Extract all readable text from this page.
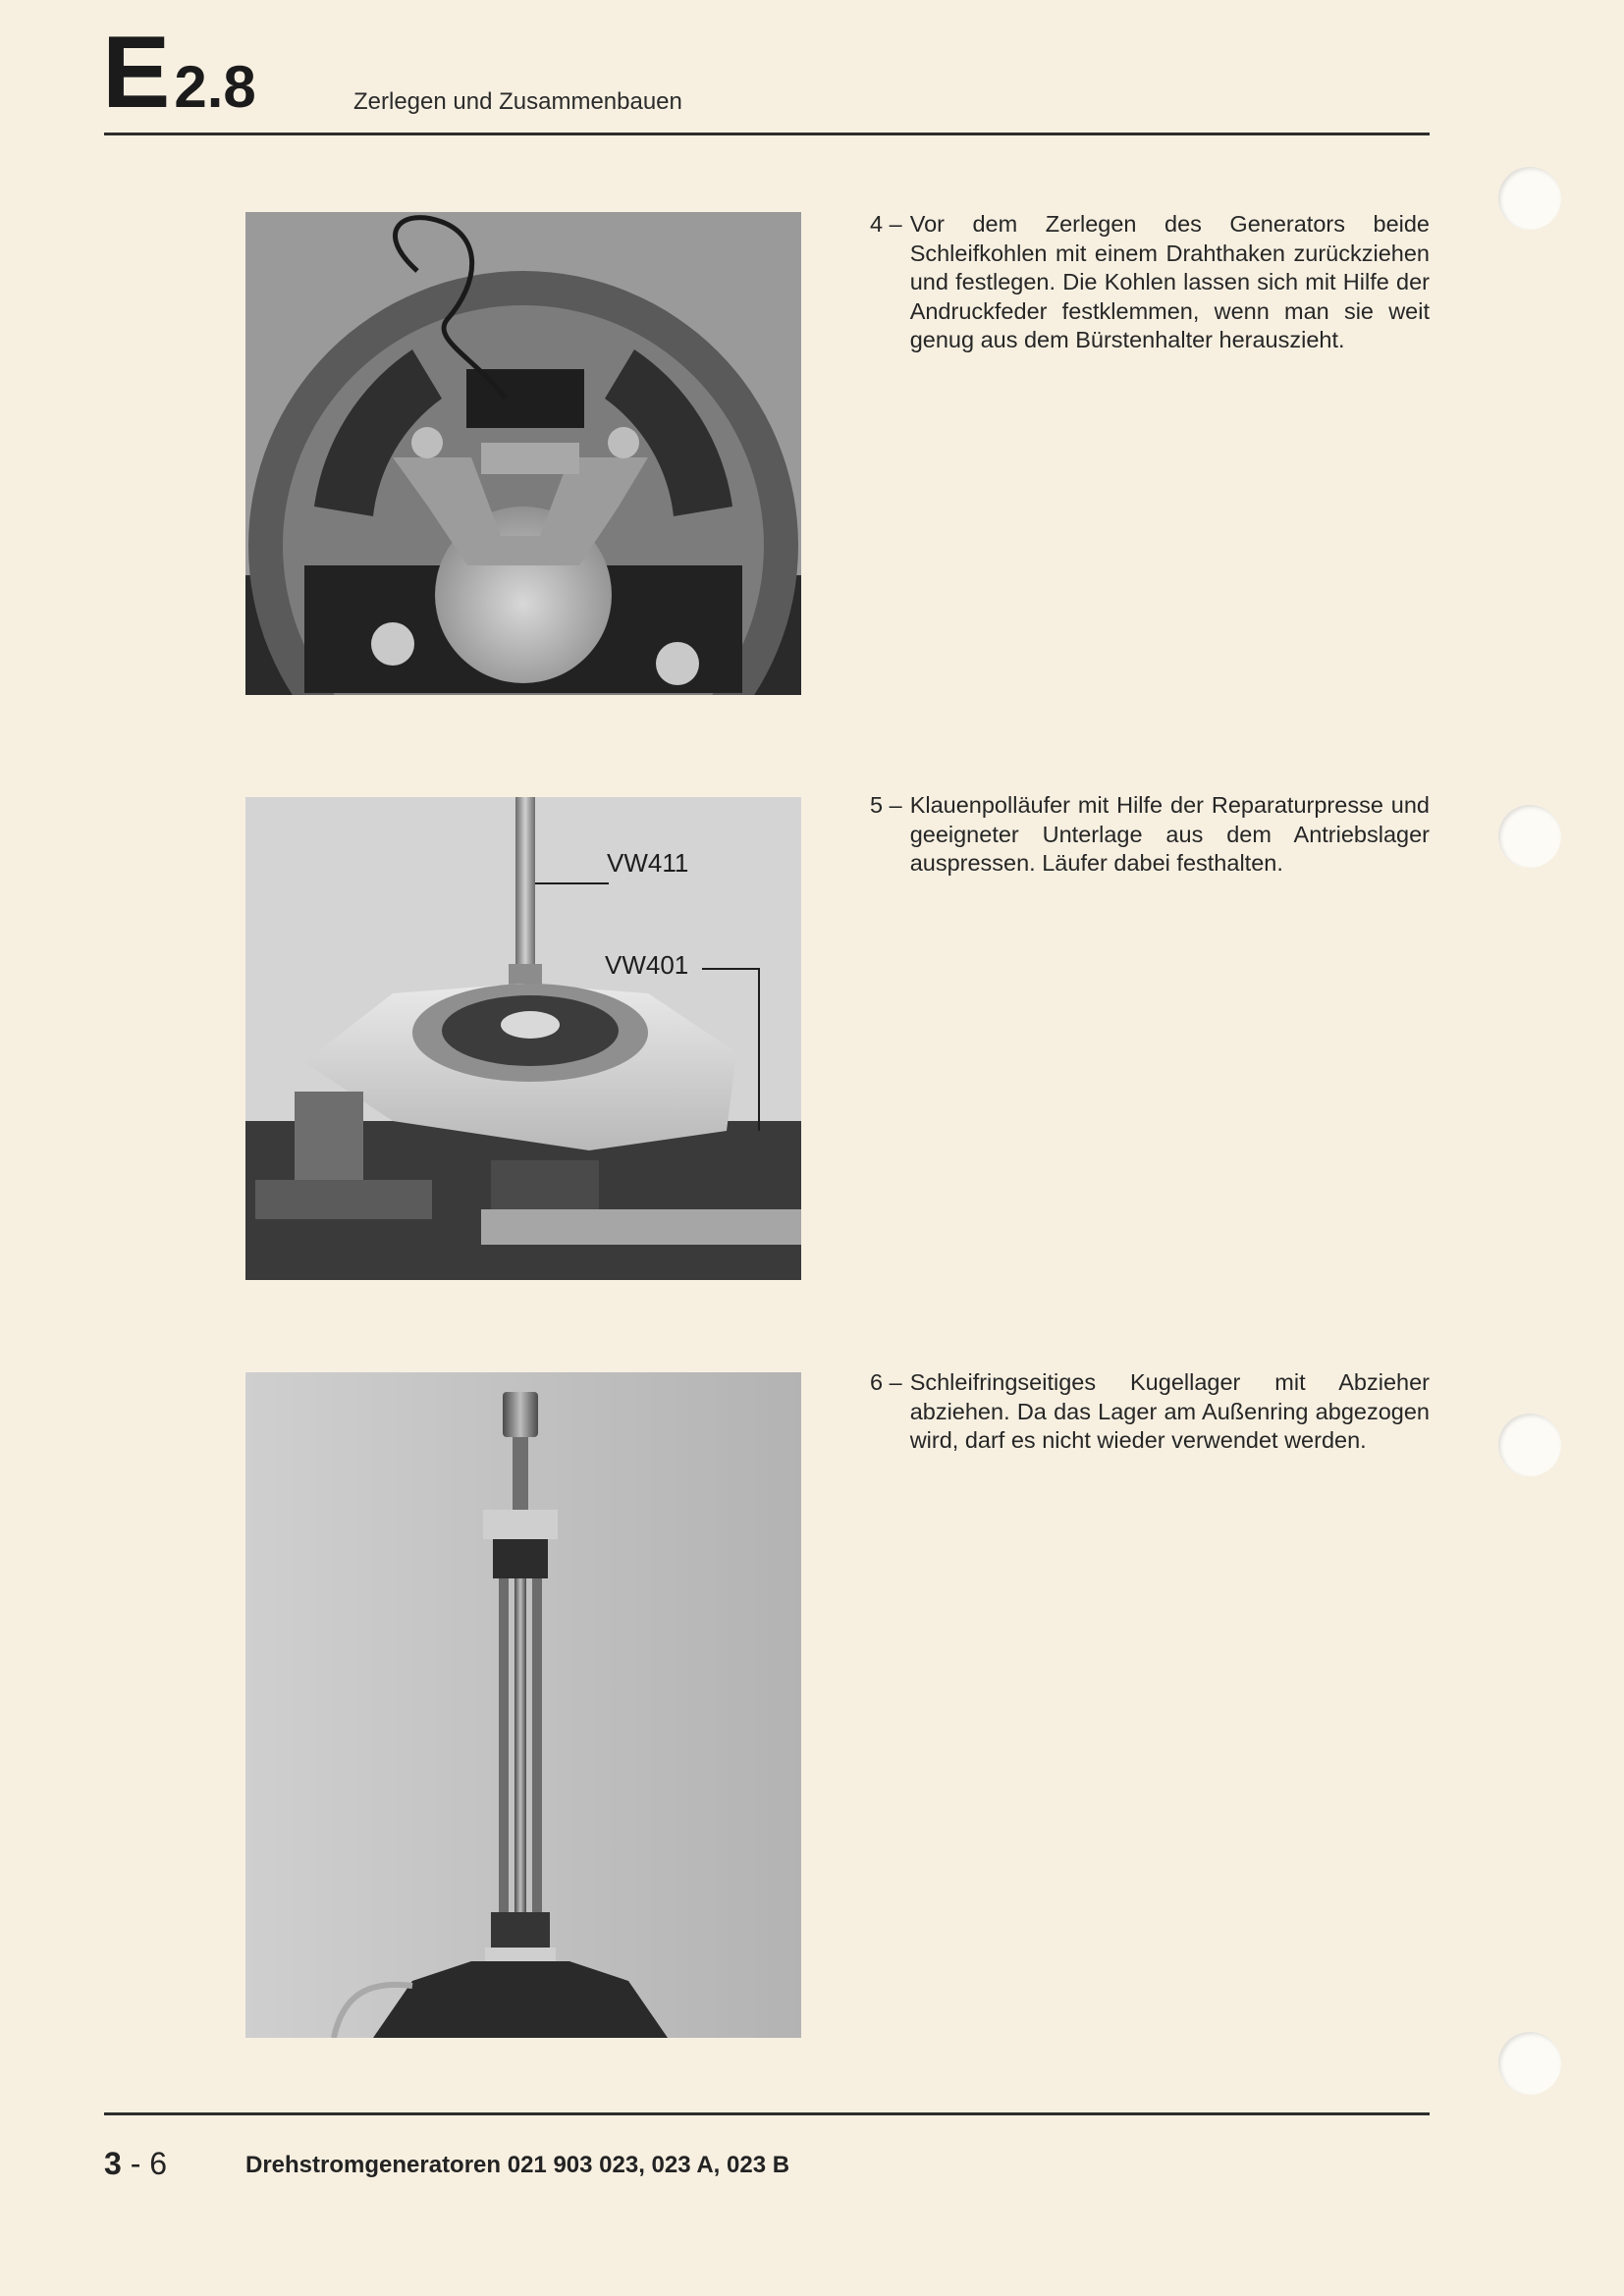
E 2.8	Zerlegen und Zusammenbauen
VW411
VW401
4 – Vor dem Zerlegen des Generators beide Schleifkohlen mit einem Drahthaken zurückziehen und festlegen. Die Kohlen lassen sich mit Hilfe der Andruckfeder festklemmen, wenn man sie weit genug aus dem Bürstenhalter herauszieht.
5 – Klauenpolläufer mit Hilfe der Reparaturpresse und geeigneter Unterlage aus dem Antriebslager auspressen. Läufer dabei festhalten.
6 – Schleifringseitiges Kugellager mit Abzieher abziehen. Da das Lager am Außenring abgezogen wird, darf es nicht wieder verwendet werden.
3 - 6	Drehstromgeneratoren 021 903 023, 023 A, 023 B
